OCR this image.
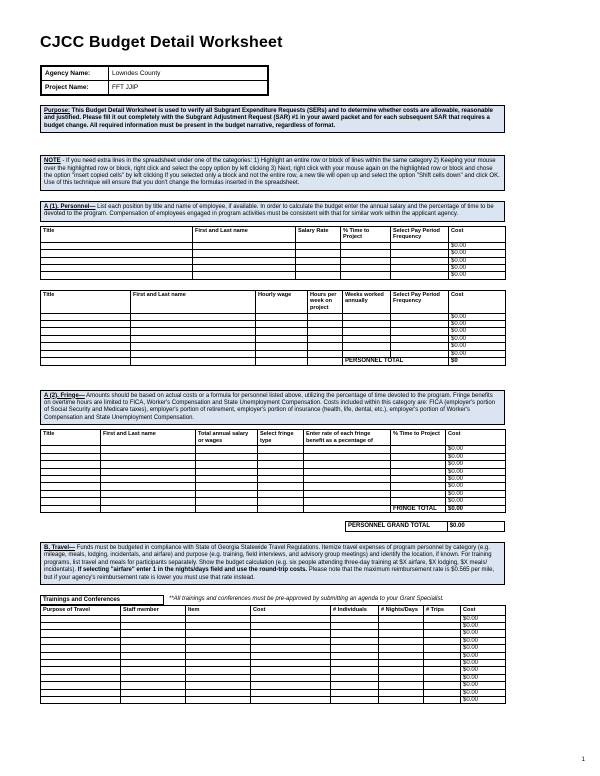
CJCC Budget Detail Worksheet
Agency Name:	Lowndes County
Project Name:	FFT JJIP
Purpose: This Budget Detail Worksheet is used to verify all Subgrant Expenditure Requests (SERs) and to determine whether costs are allowable, reasonable and justified. Please fill it out completely with the Subgrant Adjustment Request (SAR) #1 in your award packet and for each subsequent SAR that requires a budget change. All required information must be present in the budget narrative, regardless of format.
NOTE - If you need extra lines in the spreadsheet under one of the categories: 1) Highlight an entire row or block of lines within the same category 2) Keeping your mouse over the highlighted row or block, right click and select the copy option by left clicking 3) Next, right click with your mouse again on the highlighted row or block and chose the option "insert copied cells" by left clicking If you selected only a block and not the entire row, a new tile will open up and select the option "Shift cells down" and click OK. Use of this technique will ensure that you don't change the formulas inserted in the spreadsheet.
A (1). Personnel— List each position by title and name of employee, if available. In order to calculate the budget enter the annual salary and the percentage of time to be devoted to the program. Compensation of employees engaged in program activities must be consistent with that for similar work within the applicant agency.
Title	First and Last name	Salary Rate	% Time to Project	Select Pay Period Frequency	Cost
					$0.00
					$0.00
					$0.00
					$0.00
					$0.00
Title	First and Last name	Hourly wage	Hours per week on project	Weeks worked annually	Select Pay Period Frequency	Cost
						$0.00
						$0.00
						$0.00
						$0.00
						$0.00
						$0.00
				PERSONNEL TOTAL		$0
A (2). Fringe— Amounts should be based on actual costs or a formula for personnel listed above, utilizing the percentage of time devoted to the program. Fringe benefits on overtime hours are limited to FICA, Worker's Compensation and State Unemployment Compensation. Costs included within this category are: FICA (employer's portion of Social Security and Medicare taxes), employer's portion of retirement, employer's portion of insurance (health, life, dental, etc.), employer's portion of Worker's Compensation and State Unemployment Compensation.
Title	First and Last name	Total annual salary or wages	Select fringe type	Enter rate of each fringe benefit as a pecentage of	% Time to Project	Cost
						$0.00
						$0.00
						$0.00
						$0.00
						$0.00
						$0.00
						$0.00
						$0.00
					FRINGE TOTAL	$0.00
PERSONNEL GRAND TOTAL	$0.00
B. Travel— Funds must be budgeted in compliance with State of Georgia Statewide Travel Regulations. Itemize travel expenses of program personnel by category (e.g. mileage, meals, lodging, incidentals, and airfare) and purpose (e.g. training, field interviews, and advisory group meetings) and identify the location, if known. For training programs, list travel and meals for participants separately. Show the budget calculation (e.g. six people attending three-day training at $X airfare, $X lodging, $X meals/ incidentals). If selecting "airfare" enter 1 in the nights/days field and use the round-trip costs. Please note that the maximum reimbursement rate is $0.565 per mile, but if your agency's reimbursement rate is lower you must use that rate instead.
Trainings and Conferences	**All trainings and conferences must be pre-approved by submitting an agenda to your Grant Specialist.
Purpose of Travel	Staff member	Item	Cost	# Individuals	# Nights/Days	# Trips	Cost
							$0.00
							$0.00
							$0.00
							$0.00
							$0.00
							$0.00
							$0.00
							$0.00
							$0.00
							$0.00
							$0.00
							$0.00
1
